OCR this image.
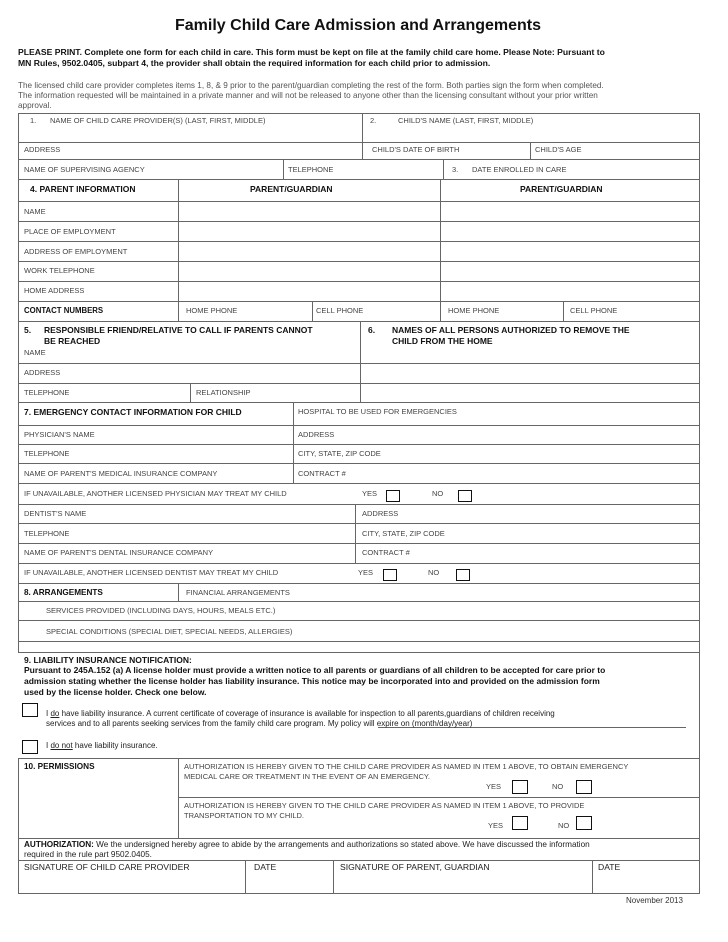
Family Child Care Admission and Arrangements
PLEASE PRINT. Complete one form for each child in care. This form must be kept on file at the family child care home. Please Note: Pursuant to
MN Rules, 9502.0405, subpart 4, the provider shall obtain the required information for each child prior to admission.
The licensed child care provider completes items 1, 8, & 9 prior to the parent/guardian completing the rest of the form. Both parties sign the form when completed.
The information requested will be maintained in a private manner and will not be released to anyone other than the licensing consultant without your prior written
approval.
1. NAME OF CHILD CARE PROVIDER(S) (LAST, FIRST, MIDDLE)	2.	CHILD'S NAME (LAST, FIRST, MIDDLE)
ADDRESS	CHILD'S DATE OF BIRTH	CHILD'S AGE
NAME OF SUPERVISING AGENCY	TELEPHONE	3. DATE ENROLLED IN CARE
4. PARENT INFORMATION	PARENT/GUARDIAN	PARENT/GUARDIAN
NAME
PLACE OF EMPLOYMENT
ADDRESS OF EMPLOYMENT
WORK TELEPHONE
HOME ADDRESS
CONTACT NUMBERS	HOME PHONE	CELL PHONE	HOME PHONE	CELL PHONE
5. RESPONSIBLE FRIEND/RELATIVE TO CALL IF PARENTS CANNOT
BE REACHED
6. NAMES OF ALL PERSONS AUTHORIZED TO REMOVE THE
CHILD FROM THE HOME
NAME
ADDRESS
TELEPHONE	RELATIONSHIP
7. EMERGENCY CONTACT INFORMATION FOR CHILD	HOSPITAL TO BE USED FOR EMERGENCIES
PHYSICIAN'S NAME	ADDRESS
TELEPHONE	CITY, STATE, ZIP CODE
NAME OF PARENT'S MEDICAL INSURANCE COMPANY	CONTRACT #
IF UNAVAILABLE, ANOTHER LICENSED PHYSICIAN MAY TREAT MY CHILD	YES	NO
DENTIST'S NAME	ADDRESS
TELEPHONE	CITY, STATE, ZIP CODE
NAME OF PARENT'S DENTAL INSURANCE COMPANY	CONTRACT #
IF UNAVAILABLE, ANOTHER LICENSED DENTIST MAY TREAT MY CHILD	YES	NO
8. ARRANGEMENTS	FINANCIAL ARRANGEMENTS
SERVICES PROVIDED (INCLUDING DAYS, HOURS, MEALS ETC.)
SPECIAL CONDITIONS (SPECIAL DIET, SPECIAL NEEDS, ALLERGIES)
9. LIABILITY INSURANCE NOTIFICATION:
Pursuant to 245A.152 (a) A license holder must provide a written notice to all parents or guardians of all children to be accepted for care prior to
admission stating whether the license holder has liability insurance. This notice may be incorporated into and provided on the admission form
used by the license holder. Check one below.
I do have liability insurance. A current certificate of coverage of insurance is available for inspection to all parents,guardians of children receiving
services and to all parents seeking services from the family child care program. My policy will expire on (month/day/year)
I do not have liability insurance.
10. PERMISSIONS	AUTHORIZATION IS HEREBY GIVEN TO THE CHILD CARE PROVIDER AS NAMED IN ITEM 1 ABOVE, TO OBTAIN EMERGENCY
MEDICAL CARE OR TREATMENT IN THE EVENT OF AN EMERGENCY.
YES	NO
AUTHORIZATION IS HEREBY GIVEN TO THE CHILD CARE PROVIDER AS NAMED IN ITEM 1 ABOVE, TO PROVIDE
TRANSPORTATION TO MY CHILD.
YES	NO
AUTHORIZATION: We the undersigned hereby agree to abide by the arrangements and authorizations so stated above. We have discussed the information
required in the rule part 9502.0405.
SIGNATURE OF CHILD CARE PROVIDER	DATE	SIGNATURE OF PARENT, GUARDIAN	DATE
November 2013
